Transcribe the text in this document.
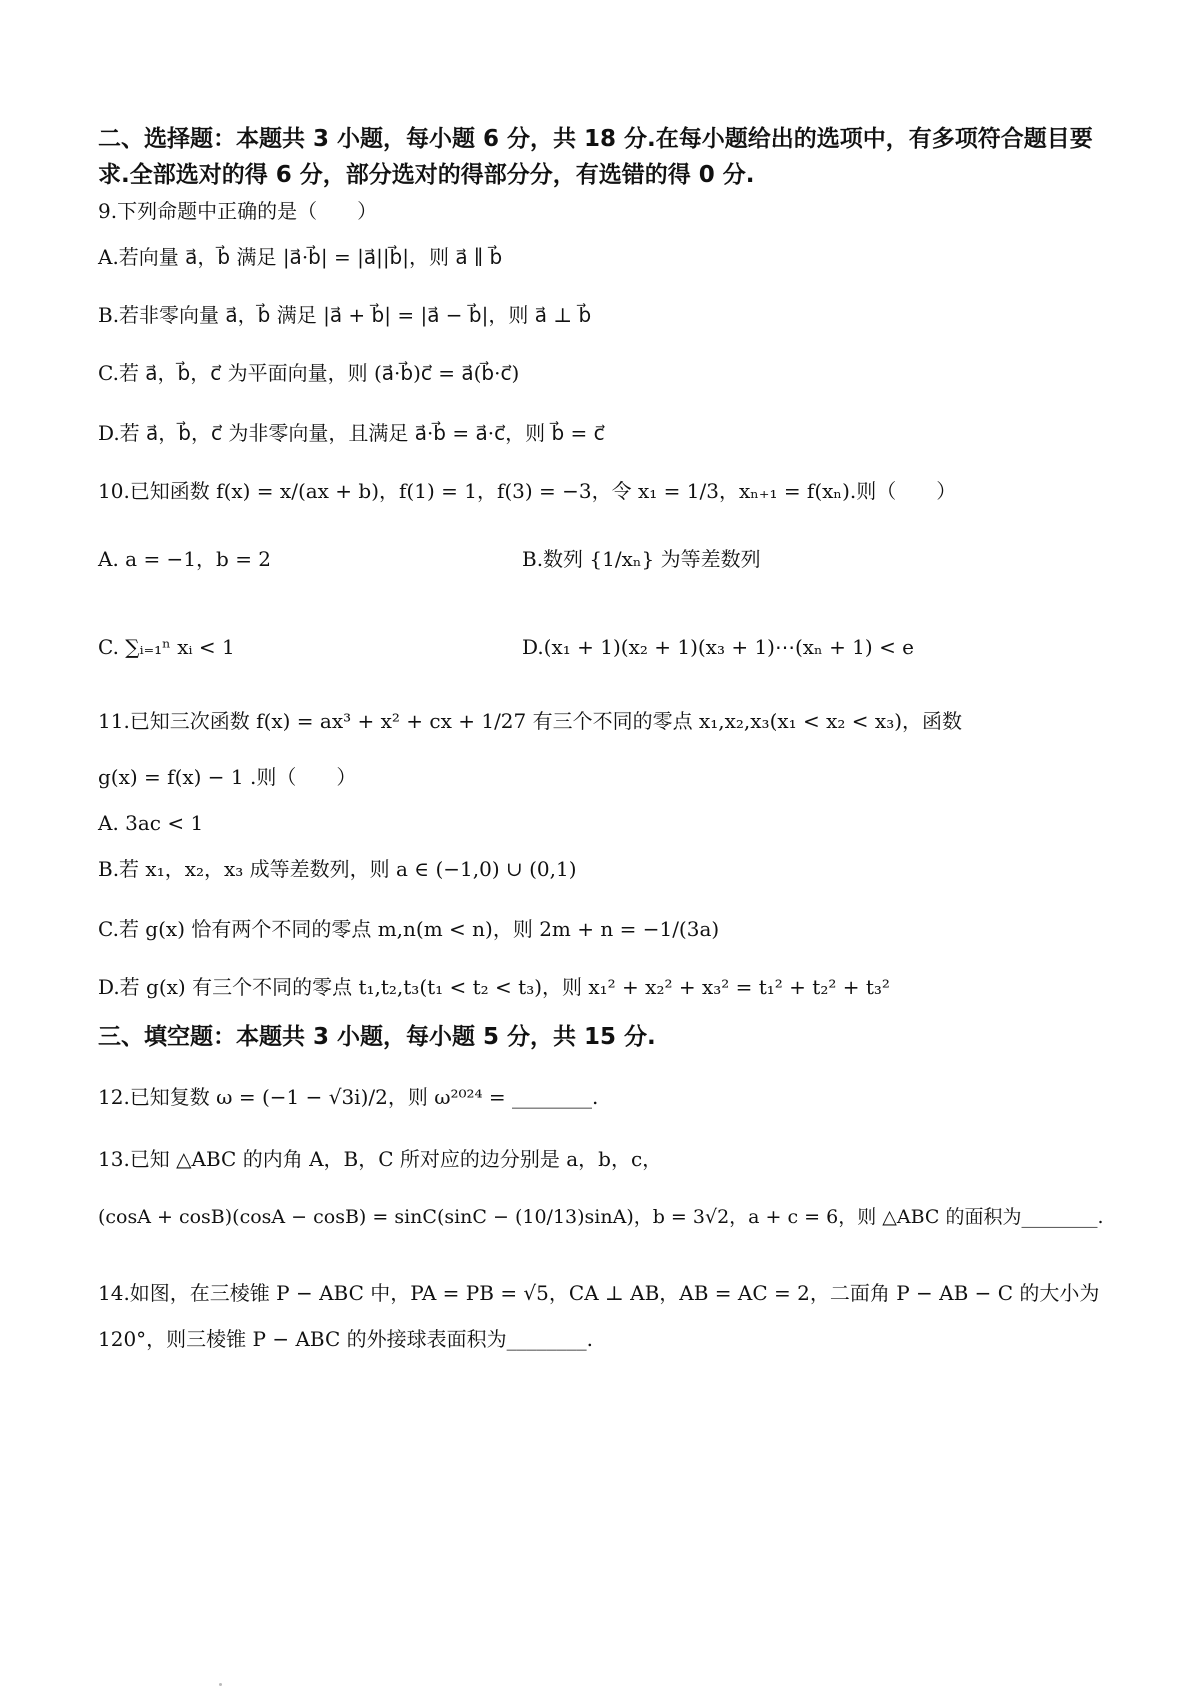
二、选择题：本题共 3 小题，每小题 6 分，共 18 分.在每小题给出的选项中，有多项符合题目要
求.全部选对的得 6 分，部分选对的得部分分，有选错的得 0 分.
9.下列命题中正确的是（　　）
A.若向量 a⃗，b⃗ 满足 |a⃗·b⃗| = |a⃗||b⃗|，则 a⃗ ∥ b⃗
B.若非零向量 a⃗，b⃗ 满足 |a⃗ + b⃗| = |a⃗ − b⃗|，则 a⃗ ⊥ b⃗
C.若 a⃗，b⃗，c⃗ 为平面向量，则 (a⃗·b⃗)c⃗ = a⃗(b⃗·c⃗)
D.若 a⃗，b⃗，c⃗ 为非零向量，且满足 a⃗·b⃗ = a⃗·c⃗，则 b⃗ = c⃗
10.已知函数 f(x) = x/(ax + b)，f(1) = 1，f(3) = −3，令 x₁ = 1/3，xₙ₊₁ = f(xₙ).则（　　）
A. a = −1，b = 2	B.数列 {1/xₙ} 为等差数列
C. ∑ᵢ₌₁ⁿ xᵢ < 1	D.(x₁ + 1)(x₂ + 1)(x₃ + 1)⋯(xₙ + 1) < e
11.已知三次函数 f(x) = ax³ + x² + cx + 1/27 有三个不同的零点 x₁,x₂,x₃(x₁ < x₂ < x₃)，函数
g(x) = f(x) − 1 .则（　　）
A. 3ac < 1
B.若 x₁，x₂，x₃ 成等差数列，则 a ∈ (−1,0) ∪ (0,1)
C.若 g(x) 恰有两个不同的零点 m,n(m < n)，则 2m + n = −1/(3a)
D.若 g(x) 有三个不同的零点 t₁,t₂,t₃(t₁ < t₂ < t₃)，则 x₁² + x₂² + x₃² = t₁² + t₂² + t₃²
三、填空题：本题共 3 小题，每小题 5 分，共 15 分.
12.已知复数 ω = (−1 − √3i)/2，则 ω²⁰²⁴ = ________.
13.已知 △ABC 的内角 A，B，C 所对应的边分别是 a，b，c，
(cosA + cosB)(cosA − cosB) = sinC(sinC − (10/13)sinA)，b = 3√2，a + c = 6，则 △ABC 的面积为________.
14.如图，在三棱锥 P − ABC 中，PA = PB = √5，CA ⊥ AB，AB = AC = 2，二面角 P − AB − C 的大小为
120°，则三棱锥 P − ABC 的外接球表面积为________.
